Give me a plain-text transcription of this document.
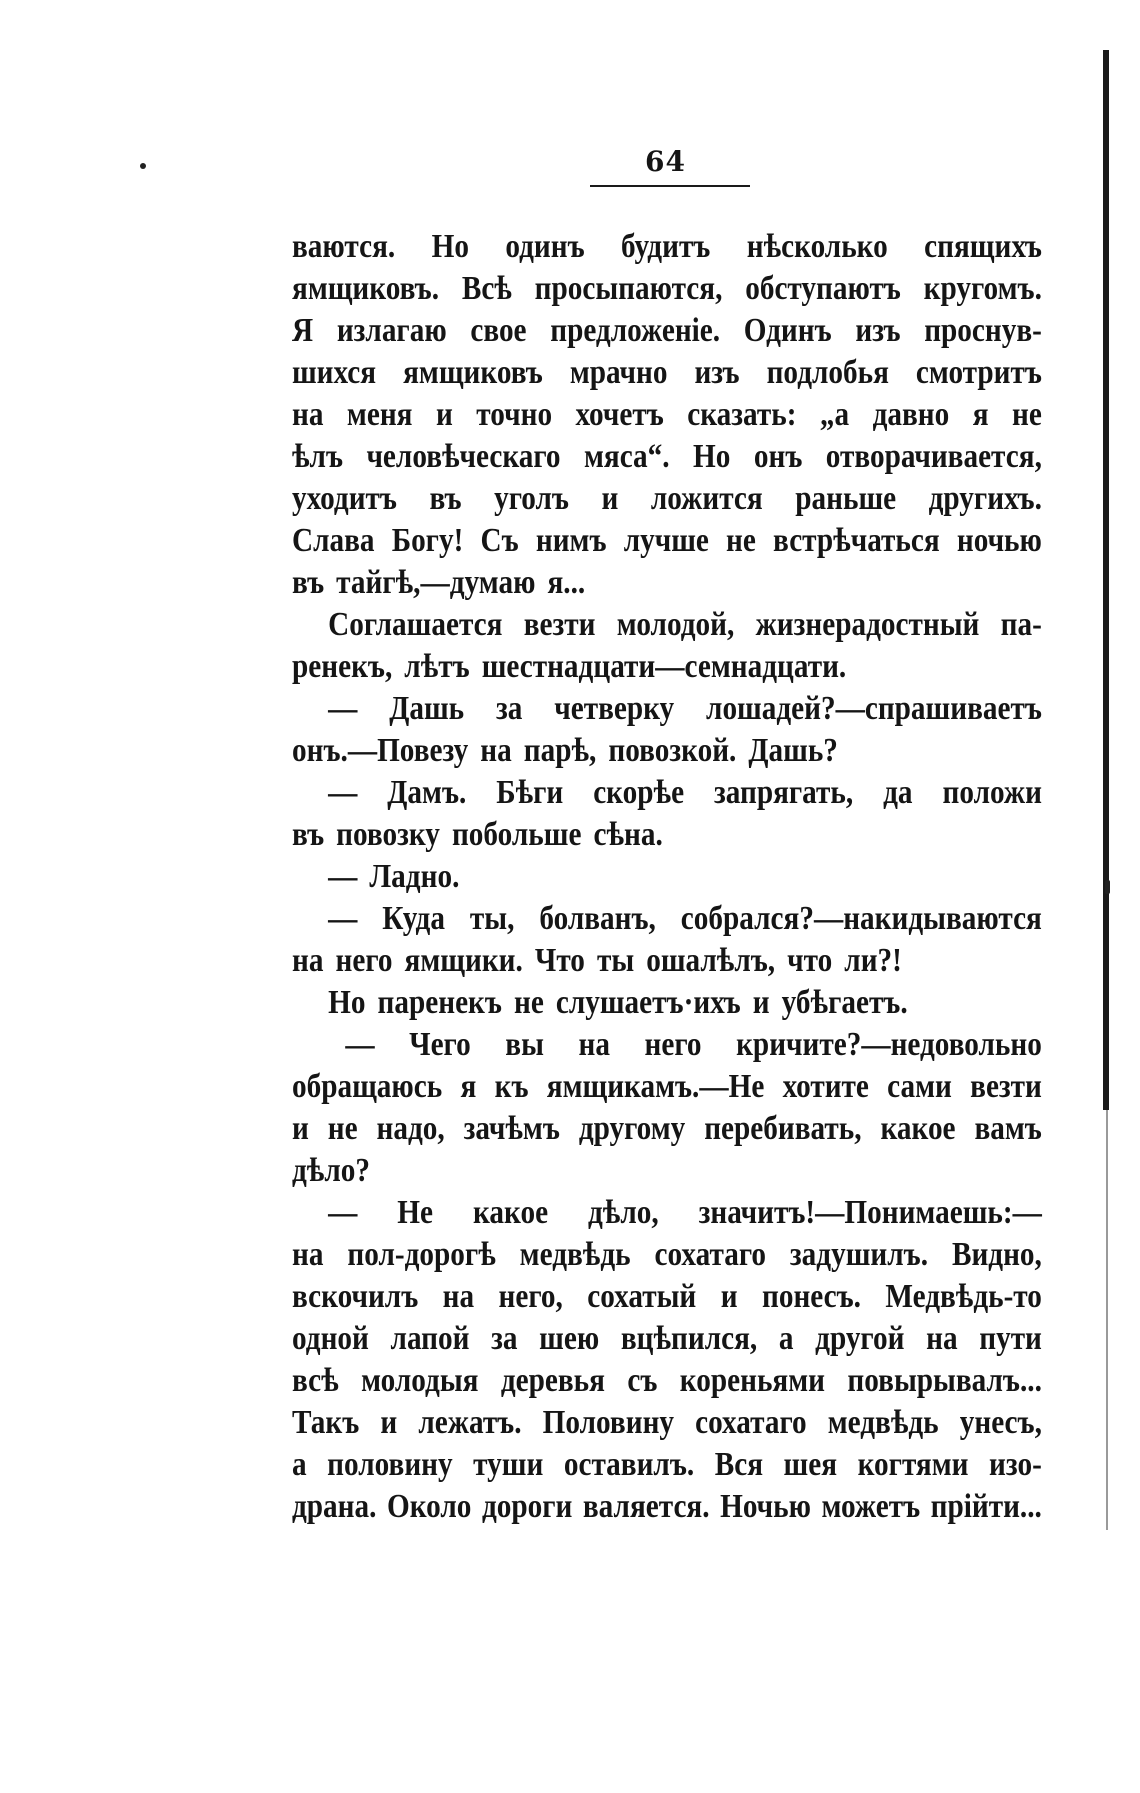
64
ваются. Но одинъ будитъ нѣсколько спящихъ
ямщиковъ. Всѣ просыпаются, обступаютъ кругомъ.
Я излагаю свое предложеніе. Одинъ изъ проснув-
шихся ямщиковъ мрачно изъ подлобья смотритъ
на меня и точно хочетъ сказать: „а давно я не
ѣлъ человѣческаго мяса“. Но онъ отворачивается,
уходитъ въ уголъ и ложится раньше другихъ.
Слава Богу! Съ нимъ лучше не встрѣчаться ночью
въ тайгѣ,—думаю я...
Соглашается везти молодой, жизнерадостный па-
ренекъ, лѣтъ шестнадцати—семнадцати.
— Дашь за четверку лошадей?—спрашиваетъ
онъ.—Повезу на парѣ, повозкой. Дашь?
— Дамъ. Бѣги скорѣе запрягать, да положи
въ повозку побольше сѣна.
— Ладно.
— Куда ты, болванъ, собрался?—накидываются
на него ямщики. Что ты ошалѣлъ, что ли?!
Но паренекъ не слушаетъ·ихъ и убѣгаетъ.
— Чего вы на него кричите?—недовольно
обращаюсь я къ ямщикамъ.—Не хотите сами везти
и не надо, зачѣмъ другому перебивать, какое вамъ
дѣло?
— Не какое дѣло, значитъ!—Понимаешь:—
на пол-дорогѣ медвѣдь сохатаго задушилъ. Видно,
вскочилъ на него, сохатый и понесъ. Медвѣдь-то
одной лапой за шею вцѣпился, а другой на пути
всѣ молодыя деревья съ кореньями повырывалъ...
Такъ и лежатъ. Половину сохатаго медвѣдь унесъ,
а половину туши оставилъ. Вся шея когтями изо-
драна. Около дороги валяется. Ночью можетъ прійти...
